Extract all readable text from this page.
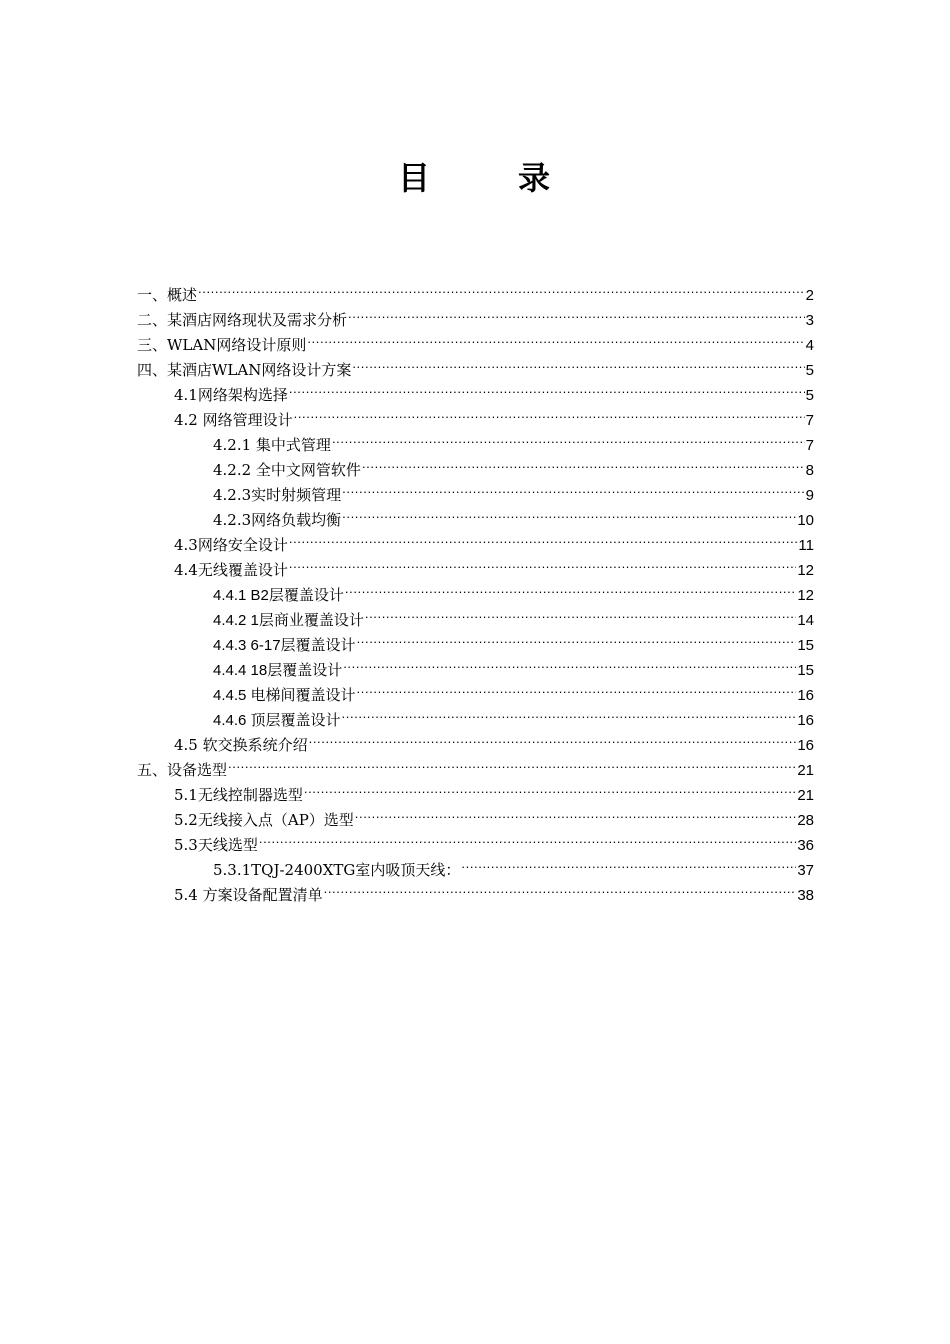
目	录
一、概述 .....	2
二、某酒店网络现状及需求分析 .....	3
三、WLAN网络设计原则 .....	4
四、某酒店WLAN网络设计方案 .....	5
4.1网络架构选择 .....	5
4.2 网络管理设计 .....	7
4.2.1 集中式管理 .....	7
4.2.2 全中文网管软件 .....	8
4.2.3实时射频管理 .....	9
4.2.3网络负载均衡 .....	10
4.3网络安全设计 .....	11
4.4无线覆盖设计 .....	12
4.4.1 B2层覆盖设计 .....	12
4.4.2 1层商业覆盖设计 .....	14
4.4.3 6-17层覆盖设计 .....	15
4.4.4 18层覆盖设计 .....	15
4.4.5 电梯间覆盖设计 .....	16
4.4.6 顶层覆盖设计 .....	16
4.5 软交换系统介绍 .....	16
五、设备选型 .....	21
5.1无线控制器选型 .....	21
5.2无线接入点（AP）选型 .....	28
5.3天线选型 .....	36
5.3.1TQJ-2400XTG室内吸顶天线： .....	37
5.4 方案设备配置清单 .....	38
